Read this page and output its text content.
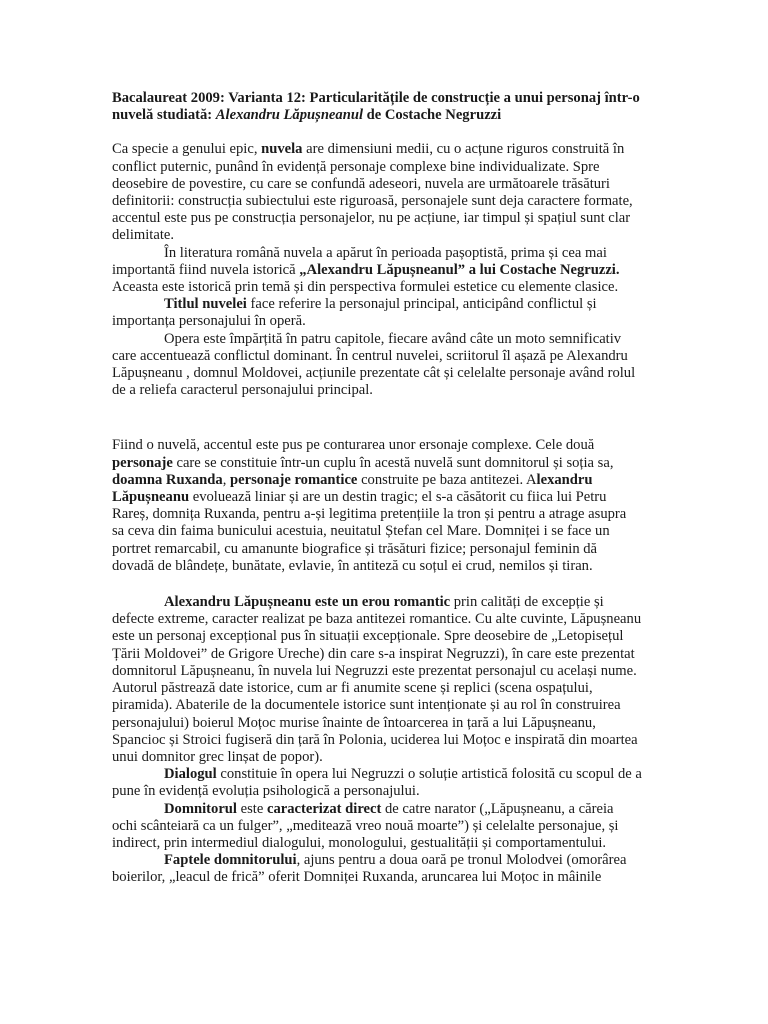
Bacalaureat 2009: Varianta 12: Particularitățile de construcție a unui personaj într-o nuvelă studiată: Alexandru Lăpușneanul de Costache Negruzzi

Ca specie a genului epic, nuvela are dimensiuni medii, cu o acțune riguros construită în conflict puternic, punând în evidență personaje complexe bine individualizate. Spre deosebire de povestire, cu care se confundă adeseori, nuvela are următoarele trăsături definitorii: construcția subiectului este riguroasă, personajele sunt deja caractere formate, accentul este pus pe construcția personajelor, nu pe acțiune, iar timpul și spațiul sunt clar delimitate.

În literatura română nuvela a apărut în perioada pașoptistă, prima și cea mai importantă fiind nuvela istorică „Alexandru Lăpușneanul” a lui Costache Negruzzi. Aceasta este istorică prin temă și din perspectiva formulei estetice cu elemente clasice.

Titlul nuvelei face referire la personajul principal, anticipând conflictul și importanța personajului în operă.

Opera este împărțită în patru capitole, fiecare având câte un moto semnificativ care accentuează conflictul dominant. În centrul nuvelei, scriitorul îl așază pe Alexandru Lăpușneanu , domnul Moldovei, acțiunile prezentate cât și celelalte personaje având rolul de a reliefa caracterul personajului principal.

Fiind o nuvelă, accentul este pus pe conturarea unor ersonaje complexe. Cele două personaje care se constituie într-un cuplu în acestă nuvelă sunt domnitorul și soția sa, doamna Ruxanda, personaje romantice construite pe baza antitezei. Alexandru Lăpușneanu evoluează liniar și are un destin tragic; el s-a căsătorit cu fiica lui Petru Rareș, domnița Ruxanda, pentru a-și legitima pretențiile la tron și pentru a atrage asupra sa ceva din faima bunicului acestuia, neuitatul Ștefan cel Mare. Domniței i se face un portret remarcabil, cu amanunte biografice și trăsături fizice; personajul feminin dă dovadă de blândețe, bunătate, evlavie, în antiteză cu soțul ei crud, nemilos și tiran.

Alexandru Lăpușneanu este un erou romantic prin calități de excepție și defecte extreme, caracter realizat pe baza antitezei romantice. Cu alte cuvinte, Lăpușneanu este un personaj excepțional pus în situații excepționale. Spre deosebire de „Letopisețul Țării Moldovei” de Grigore Ureche) din care s-a inspirat Negruzzi), în care este prezentat domnitorul Lăpușneanu, în nuvela lui Negruzzi este prezentat personajul cu același nume. Autorul păstrează date istorice, cum ar fi anumite scene și replici (scena ospațului, piramida). Abaterile de la documentele istorice sunt intenționate și au rol în construirea personajului) boierul Moțoc murise înainte de întoarcerea in țară a lui Lăpușneanu, Spancioc și Stroici fugiseră din țară în Polonia, uciderea lui Moțoc e inspirată din moartea unui domnitor grec linșat de popor).

Dialogul constituie în opera lui Negruzzi o soluție artistică folosită cu scopul de a pune în evidență evoluția psihologică a personajului.

Domnitorul este caracterizat direct de catre narator („Lăpușneanu, a căreia ochi scânteiară ca un fulger”, „meditează vreo nouă moarte”) și celelalte personajue, și indirect, prin intermediul dialogului, monologului, gestualității și comportamentului.

Faptele domnitorului, ajuns pentru a doua oară pe tronul Molodvei (omorârea boierilor, „leacul de frică” oferit Domniței Ruxanda, aruncarea lui Moțoc in mâinile
